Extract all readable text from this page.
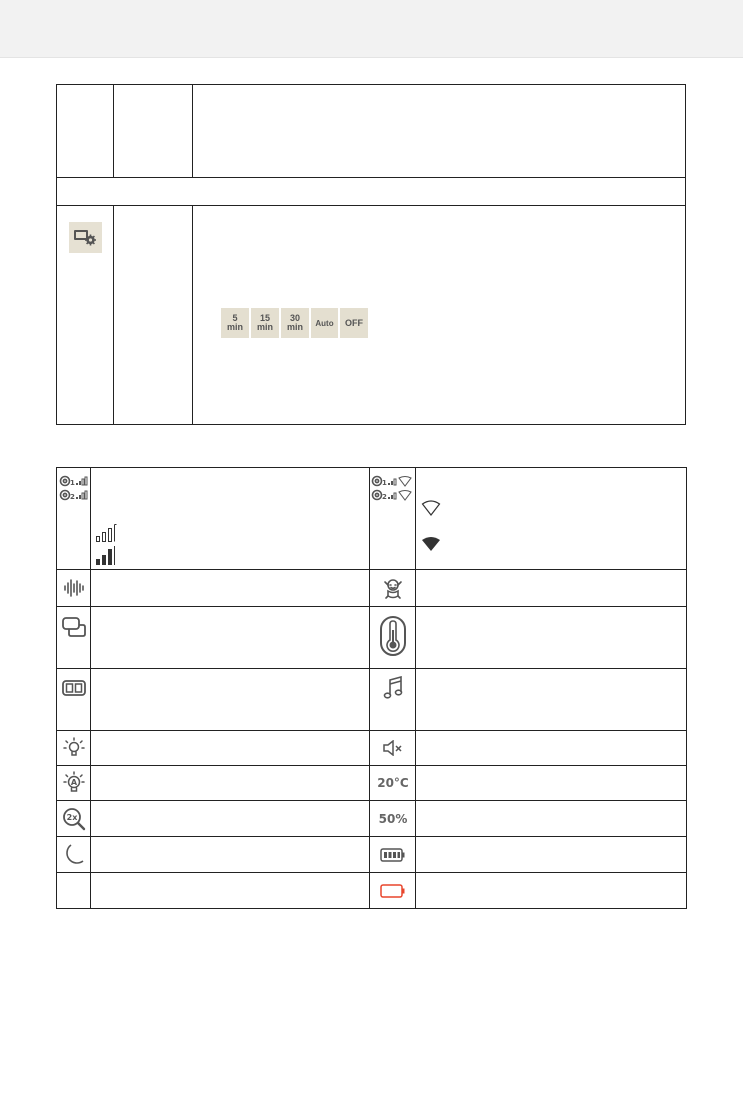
5
min
15
min
30
min Auto OFF
1
2
1
2
A	20°C
2x	50%
